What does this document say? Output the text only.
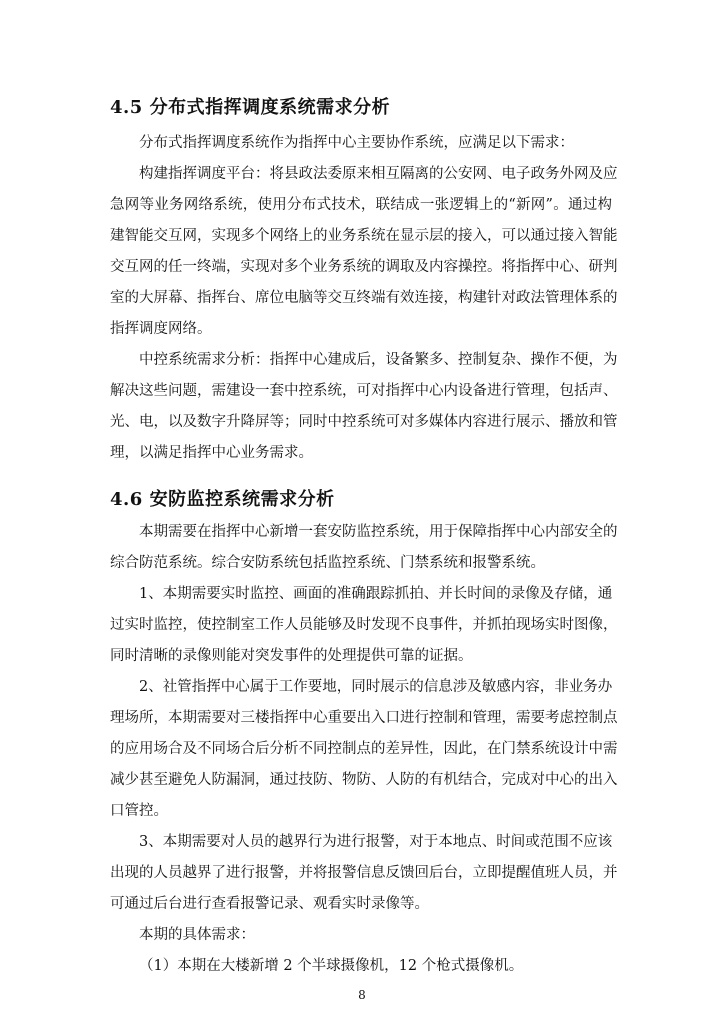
4.5 分布式指挥调度系统需求分析
分布式指挥调度系统作为指挥中心主要协作系统，应满足以下需求：
构建指挥调度平台：将县政法委原来相互隔离的公安网、电子政务外网及应
急网等业务网络系统，使用分布式技术，联结成一张逻辑上的“新网”。通过构
建智能交互网，实现多个网络上的业务系统在显示层的接入，可以通过接入智能
交互网的任一终端，实现对多个业务系统的调取及内容操控。将指挥中心、研判
室的大屏幕、指挥台、席位电脑等交互终端有效连接，构建针对政法管理体系的
指挥调度网络。
中控系统需求分析：指挥中心建成后，设备繁多、控制复杂、操作不便，为
解决这些问题，需建设一套中控系统，可对指挥中心内设备进行管理，包括声、
光、电，以及数字升降屏等；同时中控系统可对多媒体内容进行展示、播放和管
理，以满足指挥中心业务需求。
4.6 安防监控系统需求分析
本期需要在指挥中心新增一套安防监控系统，用于保障指挥中心内部安全的
综合防范系统。综合安防系统包括监控系统、门禁系统和报警系统。
1、本期需要实时监控、画面的准确跟踪抓拍、并长时间的录像及存储，通
过实时监控，使控制室工作人员能够及时发现不良事件，并抓拍现场实时图像，
同时清晰的录像则能对突发事件的处理提供可靠的证据。
2、社管指挥中心属于工作要地，同时展示的信息涉及敏感内容，非业务办
理场所，本期需要对三楼指挥中心重要出入口进行控制和管理，需要考虑控制点
的应用场合及不同场合后分析不同控制点的差异性，因此，在门禁系统设计中需
减少甚至避免人防漏洞，通过技防、物防、人防的有机结合，完成对中心的出入
口管控。
3、本期需要对人员的越界行为进行报警，对于本地点、时间或范围不应该
出现的人员越界了进行报警，并将报警信息反馈回后台，立即提醒值班人员，并
可通过后台进行查看报警记录、观看实时录像等。
本期的具体需求：
（1）本期在大楼新增 2 个半球摄像机，12 个枪式摄像机。
8
